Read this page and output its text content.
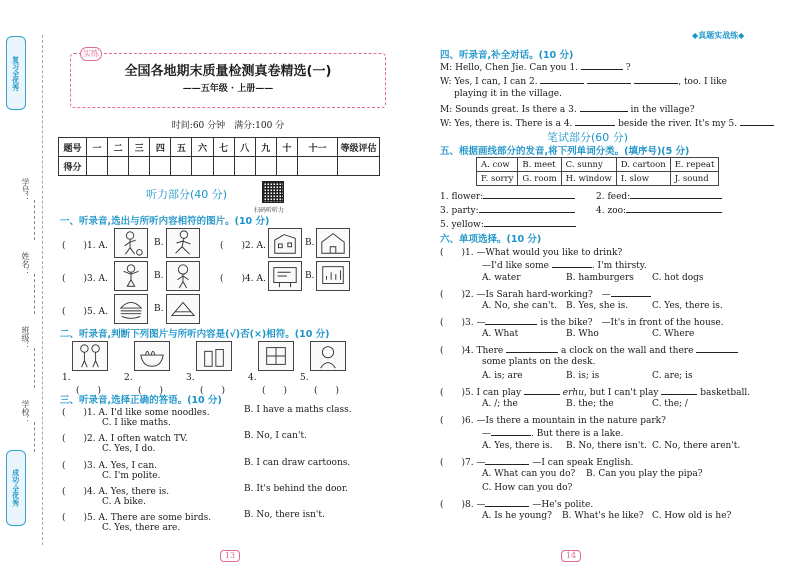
复习全优秀
学号：
姓名：
班级：
学校：
成功·全优秀
实练
全国各地期末质量检测真卷精选(一)
——五年级 · 上册——
时间:60 分钟　满分:100 分
题号	一	二	三	四	五	六	七	八	九	十	十一	等级评估
得分												
听力部分(40 分)
扫码听听力
一、听录音,选出与所听内容相符的图片。(10 分)
(　　)1. A.	B.	(　　)2. A.	B.
(　　)3. A.	B.	(　　)4. A.	B.
(　　)5. A.	B.
二、听录音,判断下列图片与所听内容是(√)否(×)相符。(10 分)
1.
(　　)
2.
(　　)
3.
(　　)
4.
(　　)
5.
(　　)
三、听录音,选择正确的答语。(10 分)
(　　)1. A. I'd like some noodles.	B. I have a maths class.
C. I like maths.
(　　)2. A. I often watch TV.	B. No, I can't.
C. Yes, I do.
(　　)3. A. Yes, I can.	B. I can draw cartoons.
C. I'm polite.
(　　)4. A. Yes, there is.	B. It's behind the door.
C. A bike.
(　　)5. A. There are some birds.	B. No, there isn't.
C. Yes, there are.
13
◆真题实战练◆
四、听录音,补全对话。(10 分)
M: Hello, Chen Jie. Can you 1.	?
W: Yes, I can, I can 2.	, too. I like
playing it in the village.
M: Sounds great. Is there a 3.	in the village?
W: Yes, there is. There is a 4.	beside the river. It's my 5.
笔试部分(60 分)
五、根据画线部分的发音,将下列单词分类。(填序号)(5 分)
A. cow	B. meet	C. sunny	D. cartoon	E. repeat
F. sorry	G. room	H. window	I. slow	J. sound
1. flower:	2. feed:
3. party:	4. zoo:
5. yellow:
六、单项选择。(10 分)
(　　)1. —What would you like to drink?
—I'd like some	. I'm thirsty.
A. water	B. hamburgers C. hot dogs
(　　)2. —Is Sarah hard-working?　—
A. No, she can't. B. Yes, she is.	C. Yes, there is.
(　　)3. —	is the bike?　—It's in front of the house.
A. What	B. Who	C. Where
(　　)4. There	a clock on the wall and there
some plants on the desk.
A. is; are	B. is; is	C. are; is
(　　)5. I can play	erhu, but I can't play	basketball.
A. /; the	B. the; the	C. the; /
(　　)6. —Is there a mountain in the nature park?
—	. But there is a lake.
A. Yes, there is. B. No, there isn't. C. No, there aren't.
(　　)7. —	—I can speak English.
A. What can you do? B. Can you play the pipa?
C. How can you do?
(　　)8. —	—He's polite.
A. Is he young? B. What's he like? C. How old is he?
14
